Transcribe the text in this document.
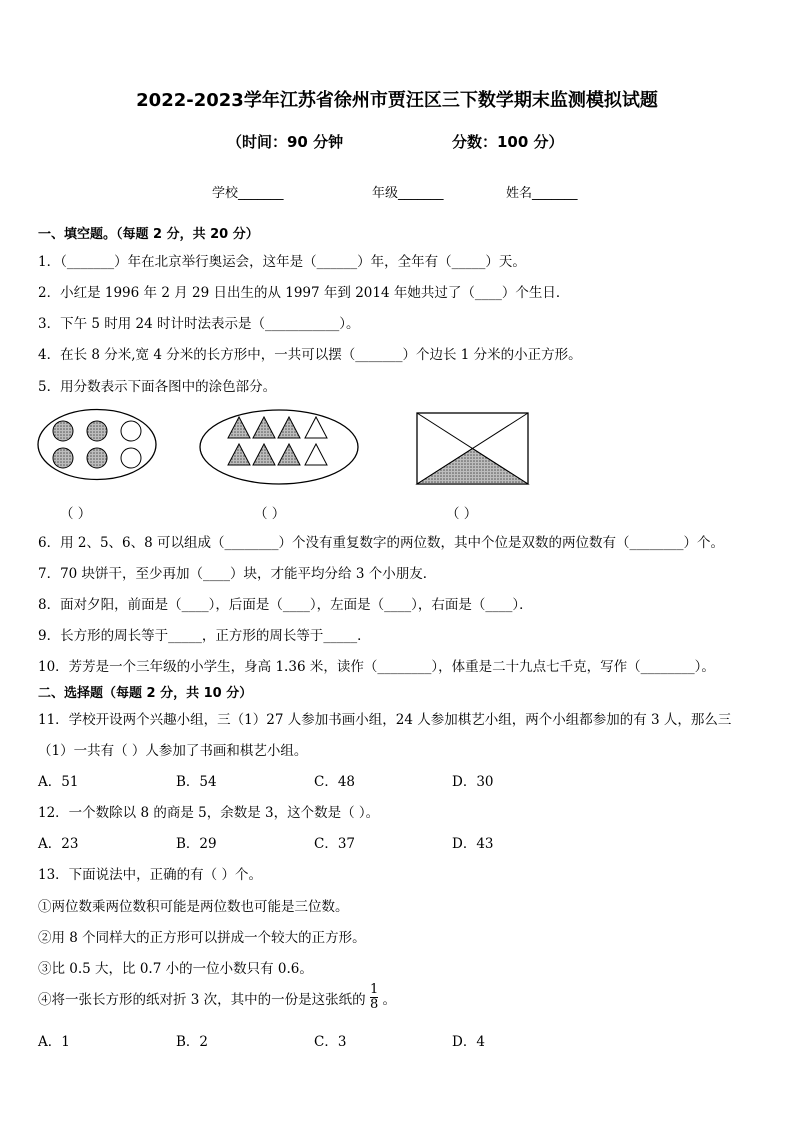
2022-2023学年江苏省徐州市贾汪区三下数学期末监测模拟试题
（时间：90 分钟	分数：100 分）
学校_______	年级_______	姓名_______
一、填空题。（每题 2 分，共 20 分）
1．（_______）年在北京举行奥运会，这年是（______）年，全年有（_____）天。
2．小红是 1996 年 2 月 29 日出生的从 1997 年到 2014 年她共过了（____）个生日．
3．下午 5 时用 24 时计时法表示是（___________）。
4．在长 8 分米,宽 4 分米的长方形中，一共可以摆（_______）个边长 1 分米的小正方形。
5．用分数表示下面各图中的涂色部分。
（ ）	（ ）	（ ）
6．用 2、5、6、8 可以组成（________）个没有重复数字的两位数，其中个位是双数的两位数有（________）个。
7．70 块饼干，至少再加（____）块，才能平均分给 3 个小朋友．
8．面对夕阳，前面是（____），后面是（____），左面是（____），右面是（____）．
9．长方形的周长等于_____，正方形的周长等于_____．
10．芳芳是一个三年级的小学生，身高 1.36 米，读作（________），体重是二十九点七千克，写作（________）。
二、选择题（每题 2 分，共 10 分）
11．学校开设两个兴趣小组，三（1）27 人参加书画小组，24 人参加棋艺小组，两个小组都参加的有 3 人，那么三
（1）一共有（ ）人参加了书画和棋艺小组。
A．51	B．54	C．48	D．30
12．一个数除以 8 的商是 5，余数是 3，这个数是（ ）。
A．23	B．29	C．37	D．43
13．下面说法中，正确的有（ ）个。
①两位数乘两位数积可能是两位数也可能是三位数。
②用 8 个同样大的正方形可以拼成一个较大的正方形。
③比 0.5 大，比 0.7 小的一位小数只有 0.6。
④将一张长方形的纸对折 3 次，其中的一份是这张纸的 $\frac{1}{8}$ 。
A．1	B．2	C．3	D．4
